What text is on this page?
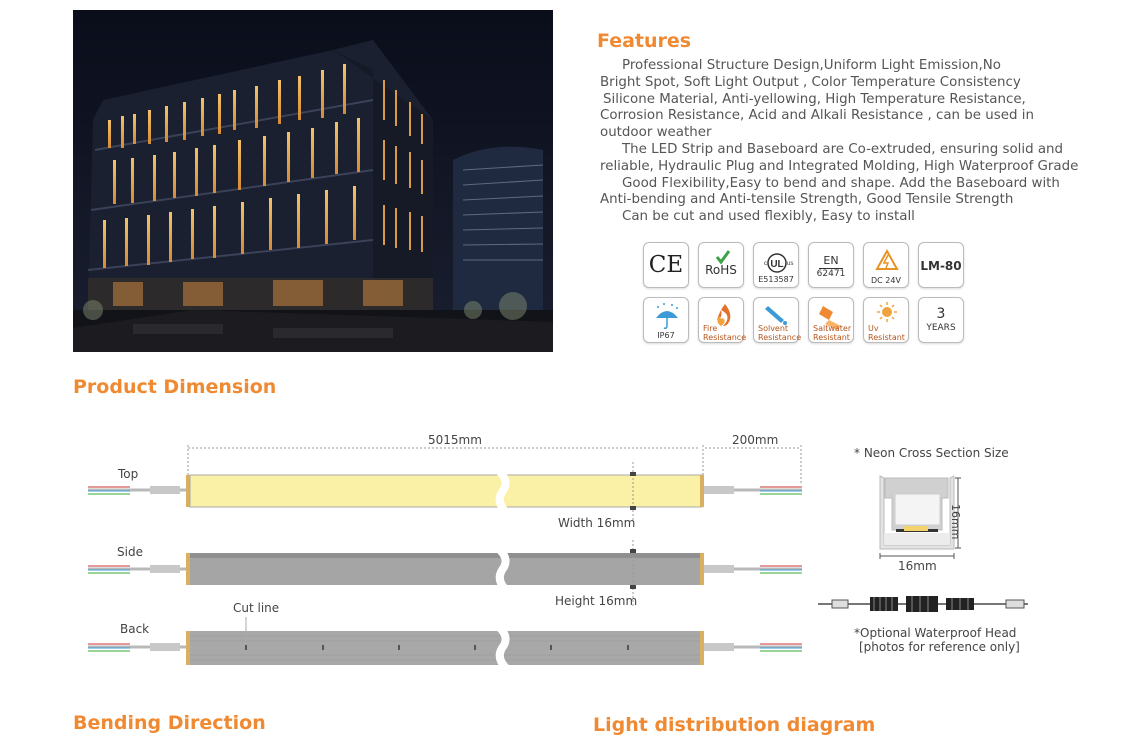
Features
Professional Structure Design,Uniform Light Emission,No
Bright Spot, Soft Light Output , Color Temperature Consistency
Silicone Material, Anti-yellowing, High Temperature Resistance,
Corrosion Resistance, Acid and Alkali Resistance , can be used in
outdoor weather
The LED Strip and Baseboard are Co-extruded, ensuring solid and
reliable, Hydraulic Plug and Integrated Molding, High Waterproof Grade
Good Flexibility,Easy to bend and shape. Add the Baseboard with
Anti-bending and Anti-tensile Strength, Good Tensile Strength
Can be cut and used flexibly, Easy to install
CE	RoHS	UL
c	us
E513587
EN
62471
DC 24V
LM-80
IP67
Fire
Resistance
Solvent
Resistance
Saltwater
Resistant
Uv
Resistant
3
YEARS
Product Dimension
5015mm	200mm
Top
Width 16mm
Side
Height 16mm
Cut line
Back
* Neon Cross Section Size
16mm
16mm
*Optional Waterproof Head
[photos for reference only]
Bending Direction	Light distribution diagram
